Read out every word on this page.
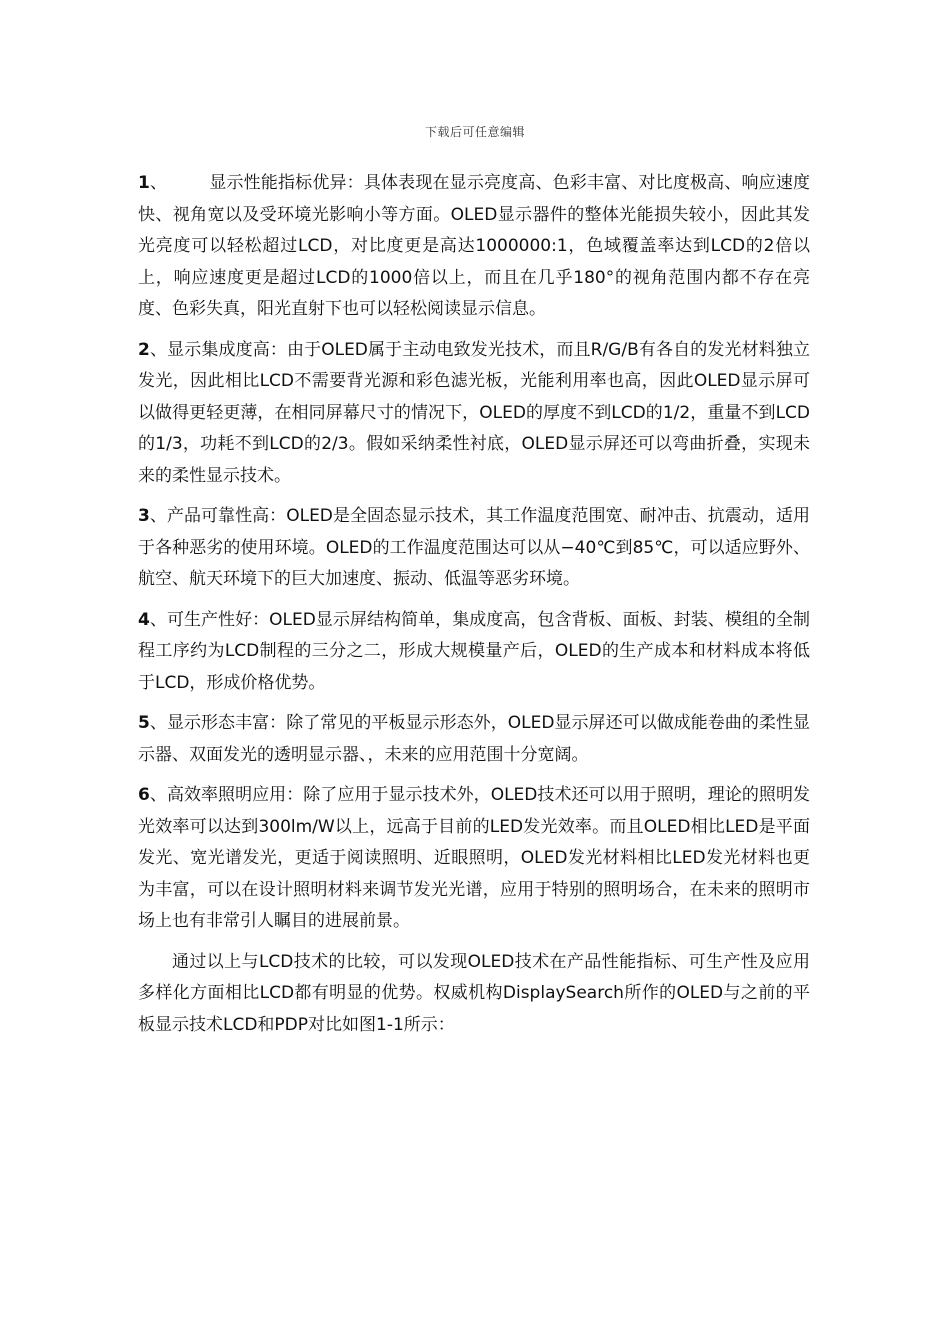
下载后可任意编辑

1、 显示性能指标优异：具体表现在显示亮度高、色彩丰富、对比度极高、响应速度快、视角宽以及受环境光影响小等方面。OLED显示器件的整体光能损失较小，因此其发光亮度可以轻松超过LCD，对比度更是高达1000000:1，色域覆盖率达到LCD的2倍以上，响应速度更是超过LCD的1000倍以上，而且在几乎180°的视角范围内都不存在亮度、色彩失真，阳光直射下也可以轻松阅读显示信息。

2、显示集成度高：由于OLED属于主动电致发光技术，而且R/G/B有各自的发光材料独立发光，因此相比LCD不需要背光源和彩色滤光板，光能利用率也高，因此OLED显示屏可以做得更轻更薄，在相同屏幕尺寸的情况下，OLED的厚度不到LCD的1/2，重量不到LCD的1/3，功耗不到LCD的2/3。假如采纳柔性衬底，OLED显示屏还可以弯曲折叠，实现未来的柔性显示技术。

3、产品可靠性高：OLED是全固态显示技术，其工作温度范围宽、耐冲击、抗震动，适用于各种恶劣的使用环境。OLED的工作温度范围达可以从−40℃到85℃，可以适应野外、航空、航天环境下的巨大加速度、振动、低温等恶劣环境。

4、可生产性好：OLED显示屏结构简单，集成度高，包含背板、面板、封装、模组的全制程工序约为LCD制程的三分之二，形成大规模量产后，OLED的生产成本和材料成本将低于LCD，形成价格优势。

5、显示形态丰富：除了常见的平板显示形态外，OLED显示屏还可以做成能卷曲的柔性显示器、双面发光的透明显示器、，未来的应用范围十分宽阔。

6、高效率照明应用：除了应用于显示技术外，OLED技术还可以用于照明，理论的照明发光效率可以达到300lm/W以上，远高于目前的LED发光效率。而且OLED相比LED是平面发光、宽光谱发光，更适于阅读照明、近眼照明，OLED发光材料相比LED发光材料也更为丰富，可以在设计照明材料来调节发光光谱，应用于特别的照明场合，在未来的照明市场上也有非常引人瞩目的进展前景。

通过以上与LCD技术的比较，可以发现OLED技术在产品性能指标、可生产性及应用多样化方面相比LCD都有明显的优势。权威机构DisplaySearch所作的OLED与之前的平板显示技术LCD和PDP对比如图1-1所示：
